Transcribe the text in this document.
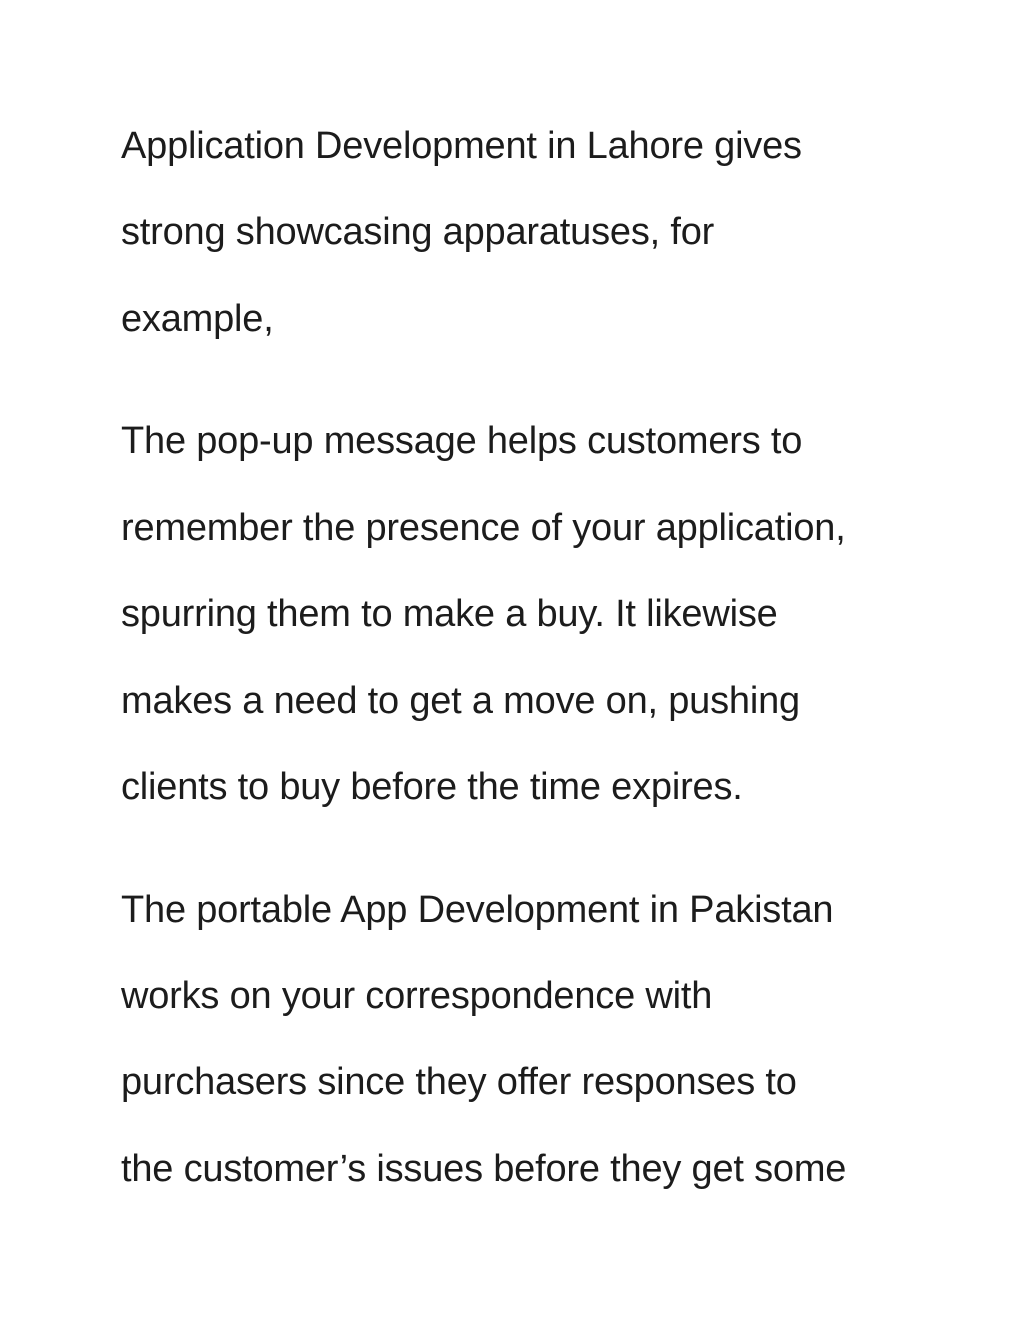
Application Development in Lahore gives

strong showcasing apparatuses, for

example,

The pop-up message helps customers to

remember the presence of your application,

spurring them to make a buy. It likewise

makes a need to get a move on, pushing

clients to buy before the time expires.

The portable App Development in Pakistan

works on your correspondence with

purchasers since they offer responses to

the customer’s issues before they get some
